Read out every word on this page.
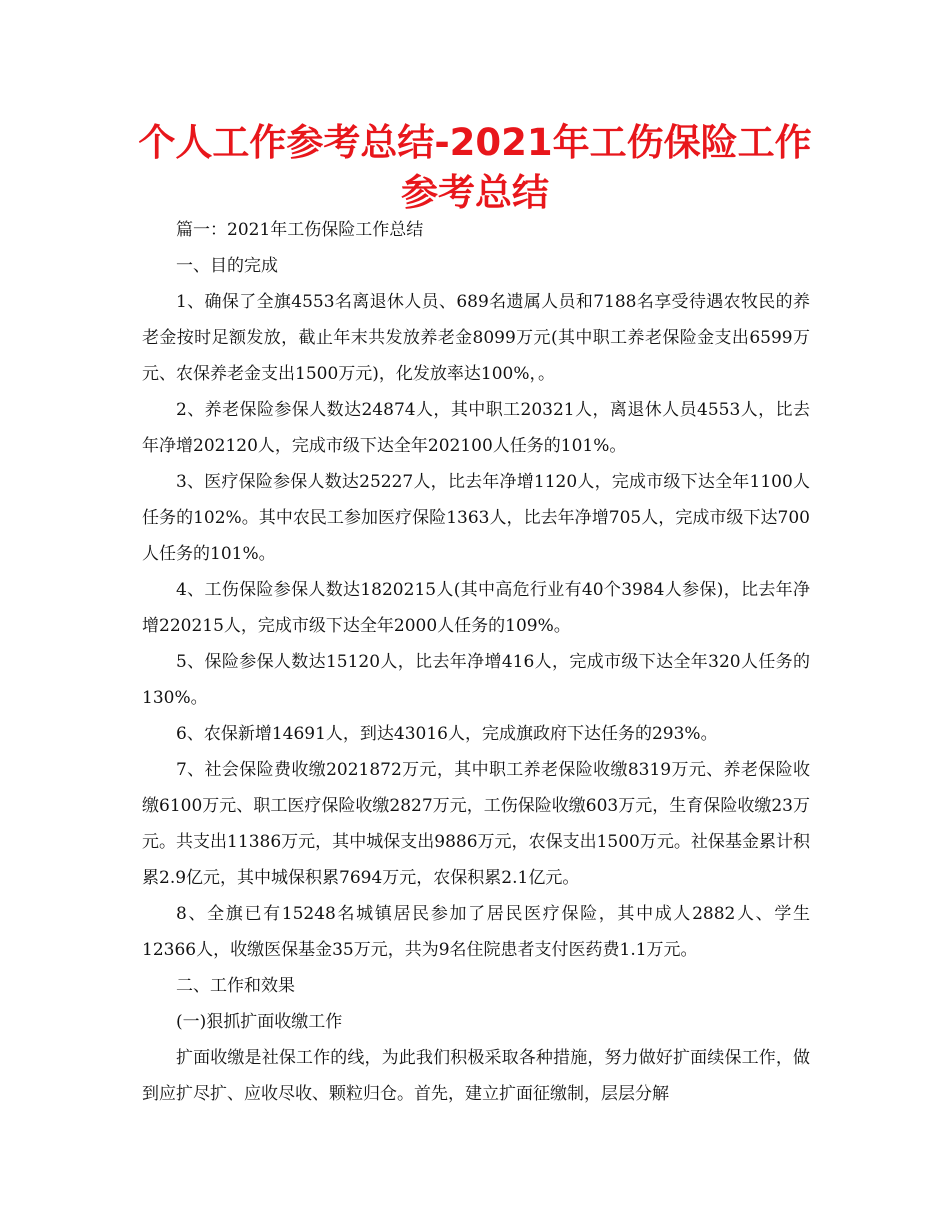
个人工作参考总结-2021年工伤保险工作参考总结

篇一：2021年工伤保险工作总结

一、目的完成

1、确保了全旗4553名离退休人员、689名遗属人员和7188名享受待遇农牧民的养老金按时足额发放，截止年末共发放养老金8099万元(其中职工养老保险金支出6599万元、农保养老金支出1500万元)，化发放率达100%，。

2、养老保险参保人数达24874人，其中职工20321人，离退休人员4553人，比去年净增202120人，完成市级下达全年202100人任务的101%。

3、医疗保险参保人数达25227人，比去年净增1120人，完成市级下达全年1100人任务的102%。其中农民工参加医疗保险1363人，比去年净增705人，完成市级下达700人任务的101%。

4、工伤保险参保人数达1820215人(其中高危行业有40个3984人参保)，比去年净增220215人，完成市级下达全年2000人任务的109%。

5、保险参保人数达15120人，比去年净增416人，完成市级下达全年320人任务的130%。

6、农保新增14691人，到达43016人，完成旗政府下达任务的293%。

7、社会保险费收缴2021872万元，其中职工养老保险收缴8319万元、养老保险收缴6100万元、职工医疗保险收缴2827万元，工伤保险收缴603万元，生育保险收缴23万元。共支出11386万元，其中城保支出9886万元，农保支出1500万元。社保基金累计积累2.9亿元，其中城保积累7694万元，农保积累2.1亿元。

8、全旗已有15248名城镇居民参加了居民医疗保险，其中成人2882人、学生12366人，收缴医保基金35万元，共为9名住院患者支付医药费1.1万元。

二、工作和效果

(一)狠抓扩面收缴工作

扩面收缴是社保工作的线，为此我们积极采取各种措施，努力做好扩面续保工作，做到应扩尽扩、应收尽收、颗粒归仓。首先，建立扩面征缴制，层层分解
